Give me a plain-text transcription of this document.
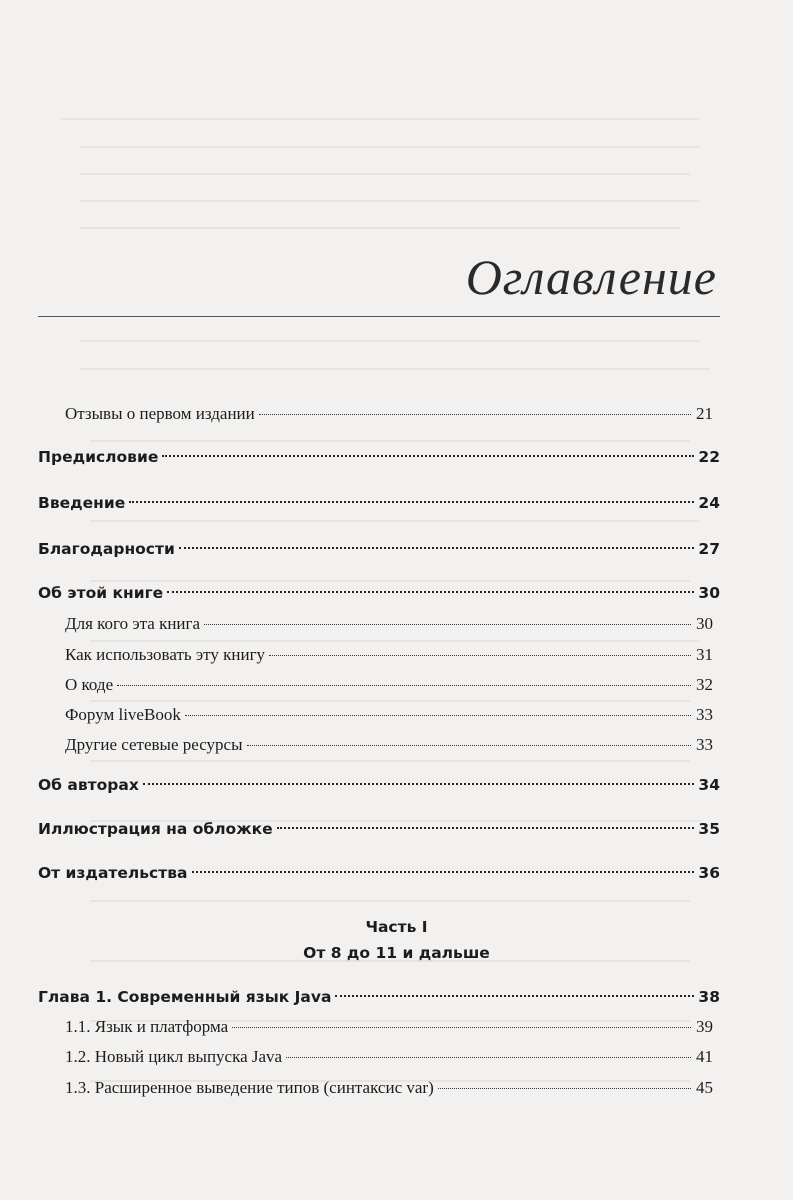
Оглавление
Отзывы о первом издании	21
Предисловие	22
Введение	24
Благодарности	27
Об этой книге	30
Для кого эта книга	30
Как использовать эту книгу	31
О коде	32
Форум liveBook	33
Другие сетевые ресурсы	33
Об авторах	34
Иллюстрация на обложке	35
От издательства	36
Часть I
От 8 до 11 и дальше
Глава 1. Современный язык Java	38
1.1. Язык и платформа	39
1.2. Новый цикл выпуска Java	41
1.3. Расширенное выведение типов (синтаксис var)	45
